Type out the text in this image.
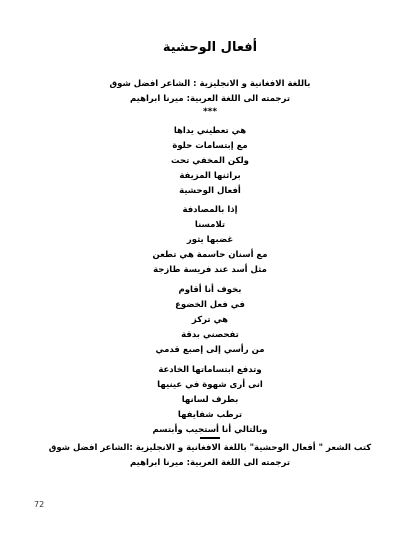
أفعال الوحشية
باللغة الافغانية و الانجليزية : الشاعر افضل شوق
ترجمته الى اللغة العربية: ميرنا ابراهيم
***
هي تعطيني يداها
مع إبتسامات حلوة
ولكن المخفي تحت
براثنها المزيفة
أفعال الوحشية
إذا بالمصادفة
تلامسنا
غضبها يثور
مع أسنان حاسمة هي تطعن
مثل أسد عند فريسة طازجة
بخوف أنا أقاوم
في فعل الخضوع
هي تركز
تفحصني بدقة
من رأسي إلى إصبع قدمي
وتدفع ابتساماتها الخادعة
انى أرى شهوة في عينيها
بطرف لسانها
ترطب شفايفها
وبالتالي أنا أستجيب وأبتسم
كتب الشعر " أفعال الوحشية" باللغة الافغانية و الانجليزية :الشاعر افضل شوق
ترجمته الى اللغة العربية: ميرنا ابراهيم
72
